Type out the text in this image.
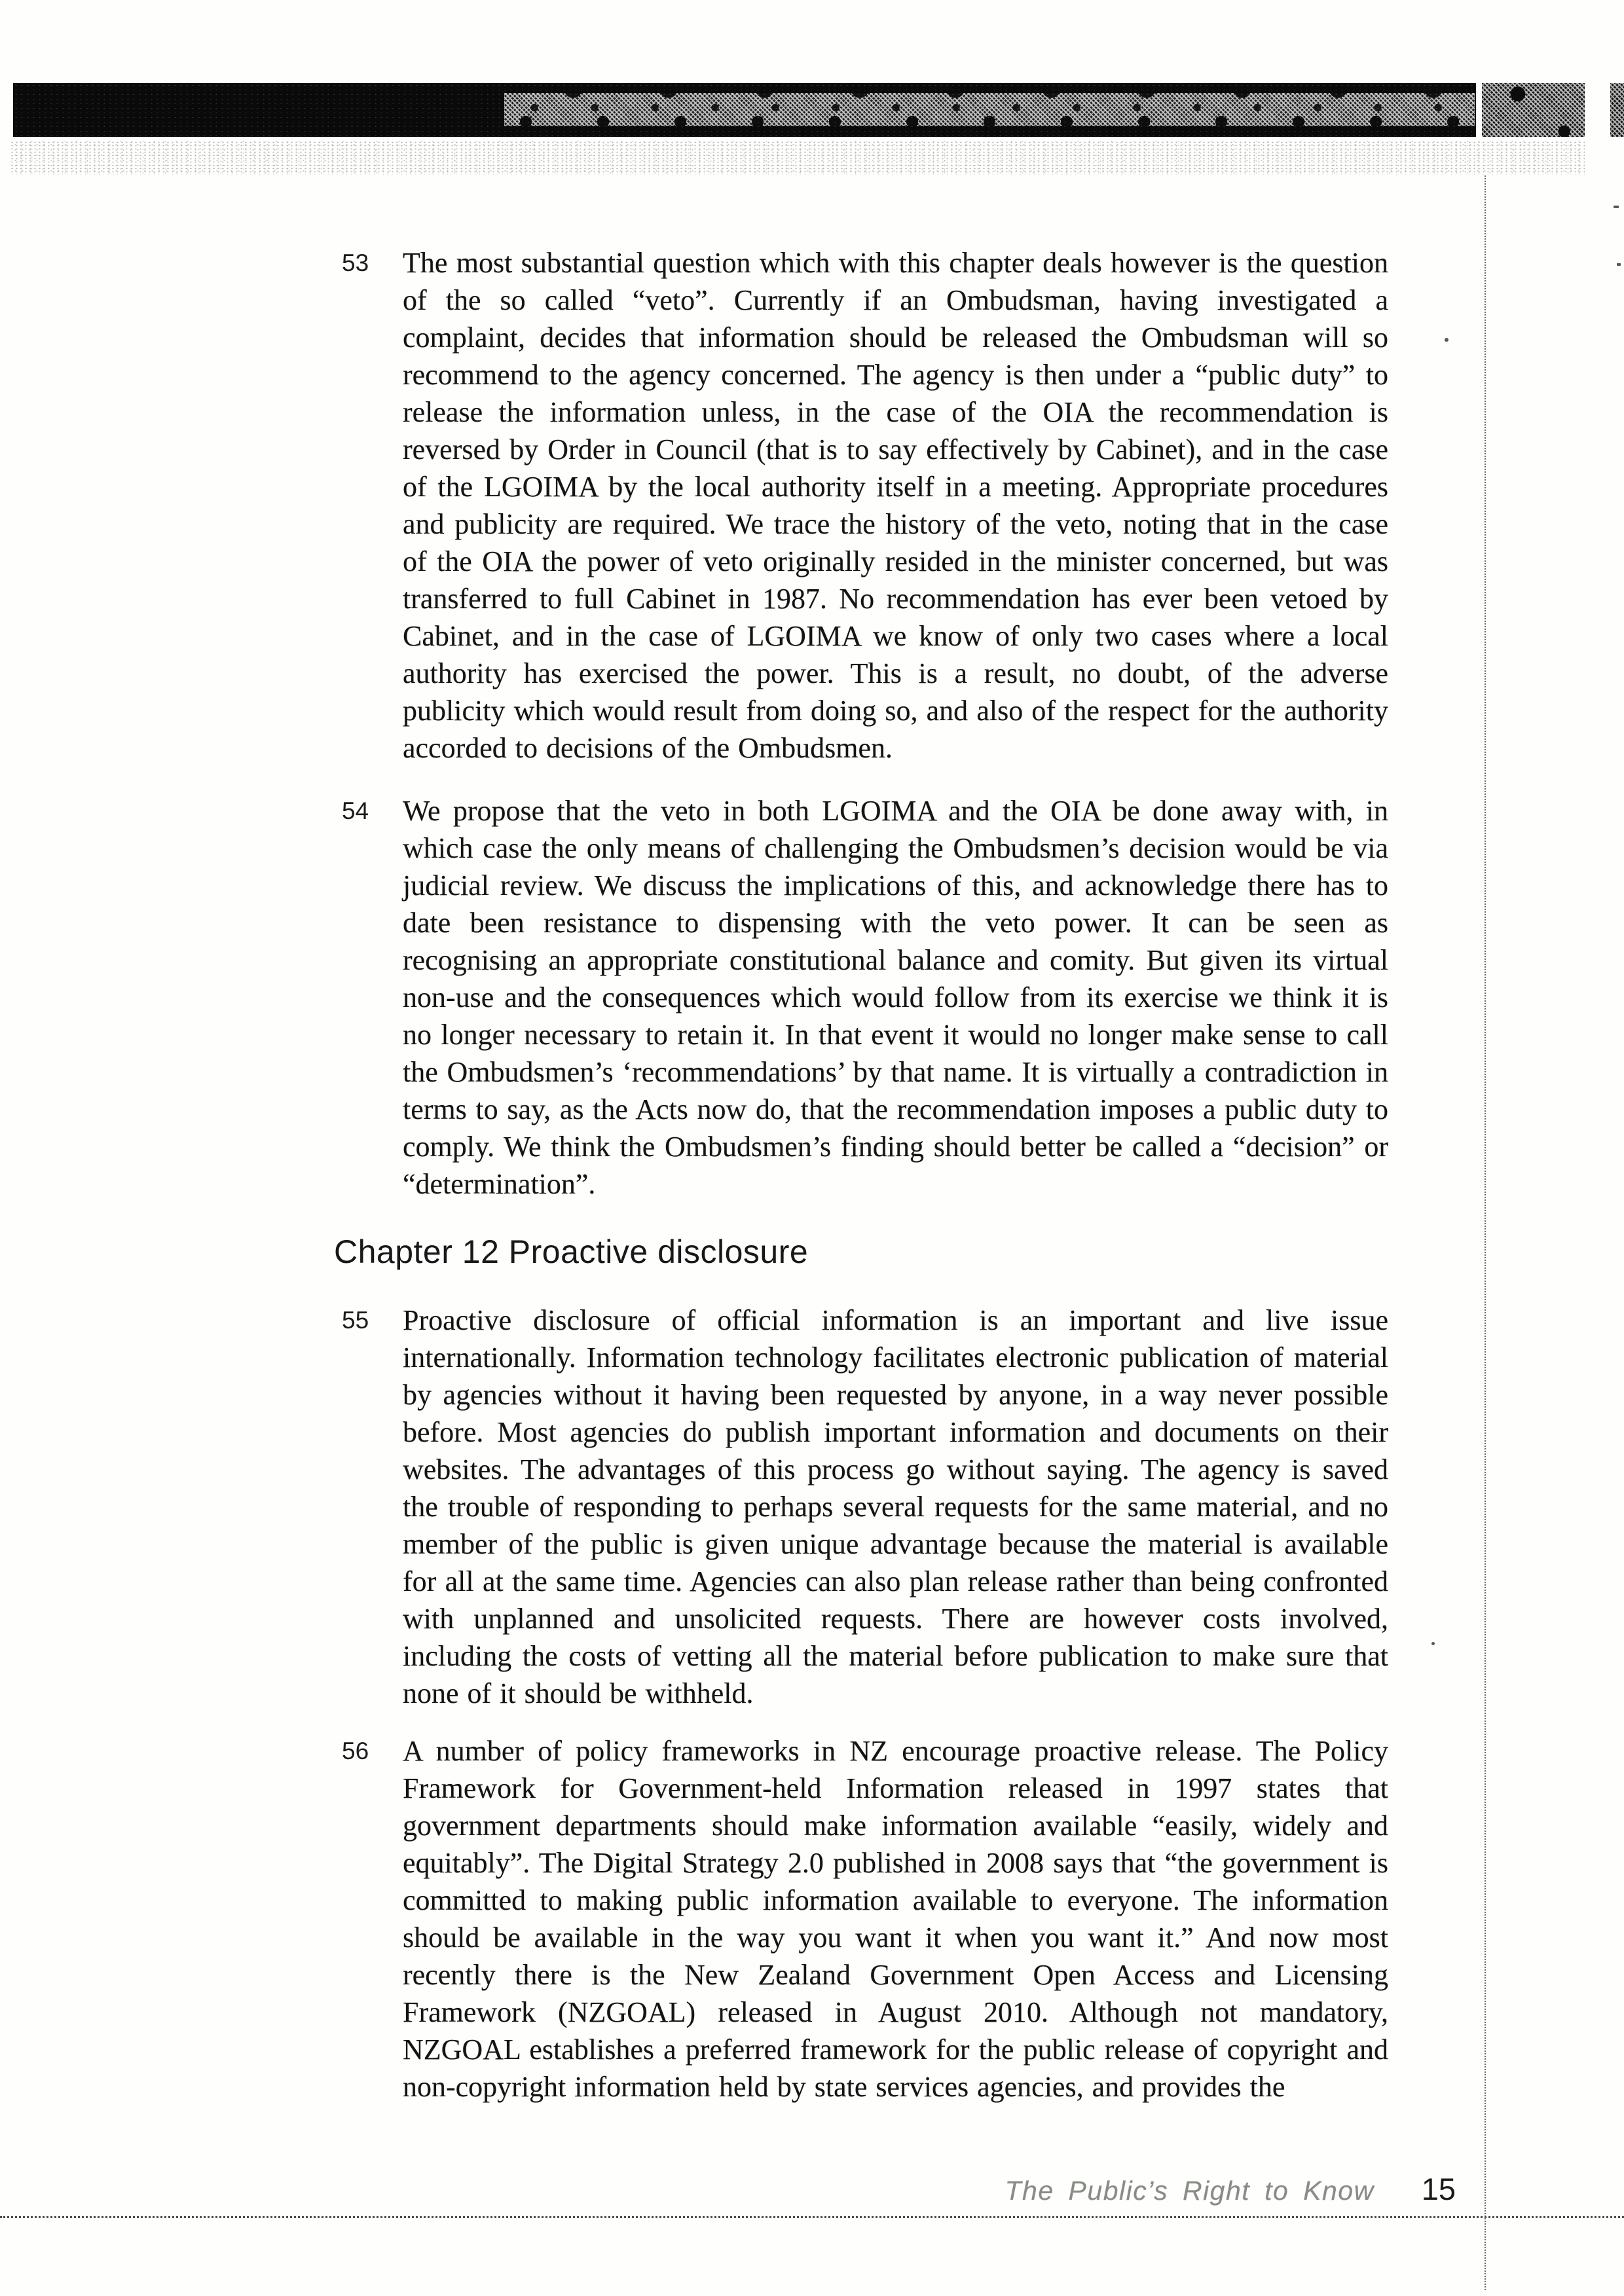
53	The most substantial question which with this chapter deals however is the question of the so called “veto”. Currently if an Ombudsman, having investigated a complaint, decides that information should be released the Ombudsman will so recommend to the agency concerned. The agency is then under a “public duty” to release the information unless, in the case of the OIA the recommendation is reversed by Order in Council (that is to say effectively by Cabinet), and in the case of the LGOIMA by the local authority itself in a meeting. Appropriate procedures and publicity are required. We trace the history of the veto, noting that in the case of the OIA the power of veto originally resided in the minister concerned, but was transferred to full Cabinet in 1987. No recommendation has ever been vetoed by Cabinet, and in the case of LGOIMA we know of only two cases where a local authority has exercised the power. This is a result, no doubt, of the adverse publicity which would result from doing so, and also of the respect for the authority accorded to decisions of the Ombudsmen.
54	We propose that the veto in both LGOIMA and the OIA be done away with, in which case the only means of challenging the Ombudsmen’s decision would be via judicial review. We discuss the implications of this, and acknowledge there has to date been resistance to dispensing with the veto power. It can be seen as recognising an appropriate constitutional balance and comity. But given its virtual non-use and the consequences which would follow from its exercise we think it is no longer necessary to retain it. In that event it would no longer make sense to call the Ombudsmen’s ‘recommendations’ by that name. It is virtually a contradiction in terms to say, as the Acts now do, that the recommendation imposes a public duty to comply. We think the Ombudsmen’s finding should better be called a “decision” or “determination”.
Chapter 12 Proactive disclosure
55	Proactive disclosure of official information is an important and live issue internationally. Information technology facilitates electronic publication of material by agencies without it having been requested by anyone, in a way never possible before. Most agencies do publish important information and documents on their websites. The advantages of this process go without saying. The agency is saved the trouble of responding to perhaps several requests for the same material, and no member of the public is given unique advantage because the material is available for all at the same time. Agencies can also plan release rather than being confronted with unplanned and unsolicited requests. There are however costs involved, including the costs of vetting all the material before publication to make sure that none of it should be withheld.
56	A number of policy frameworks in NZ encourage proactive release. The Policy Framework for Government-held Information released in 1997 states that government departments should make information available “easily, widely and equitably”. The Digital Strategy 2.0 published in 2008 says that “the government is committed to making public information available to everyone. The information should be available in the way you want it when you want it.” And now most recently there is the New Zealand Government Open Access and Licensing Framework (NZGOAL) released in August 2010. Although not mandatory, NZGOAL establishes a preferred framework for the public release of copyright and non-copyright information held by state services agencies, and provides the
The Public’s Right to Know 15
